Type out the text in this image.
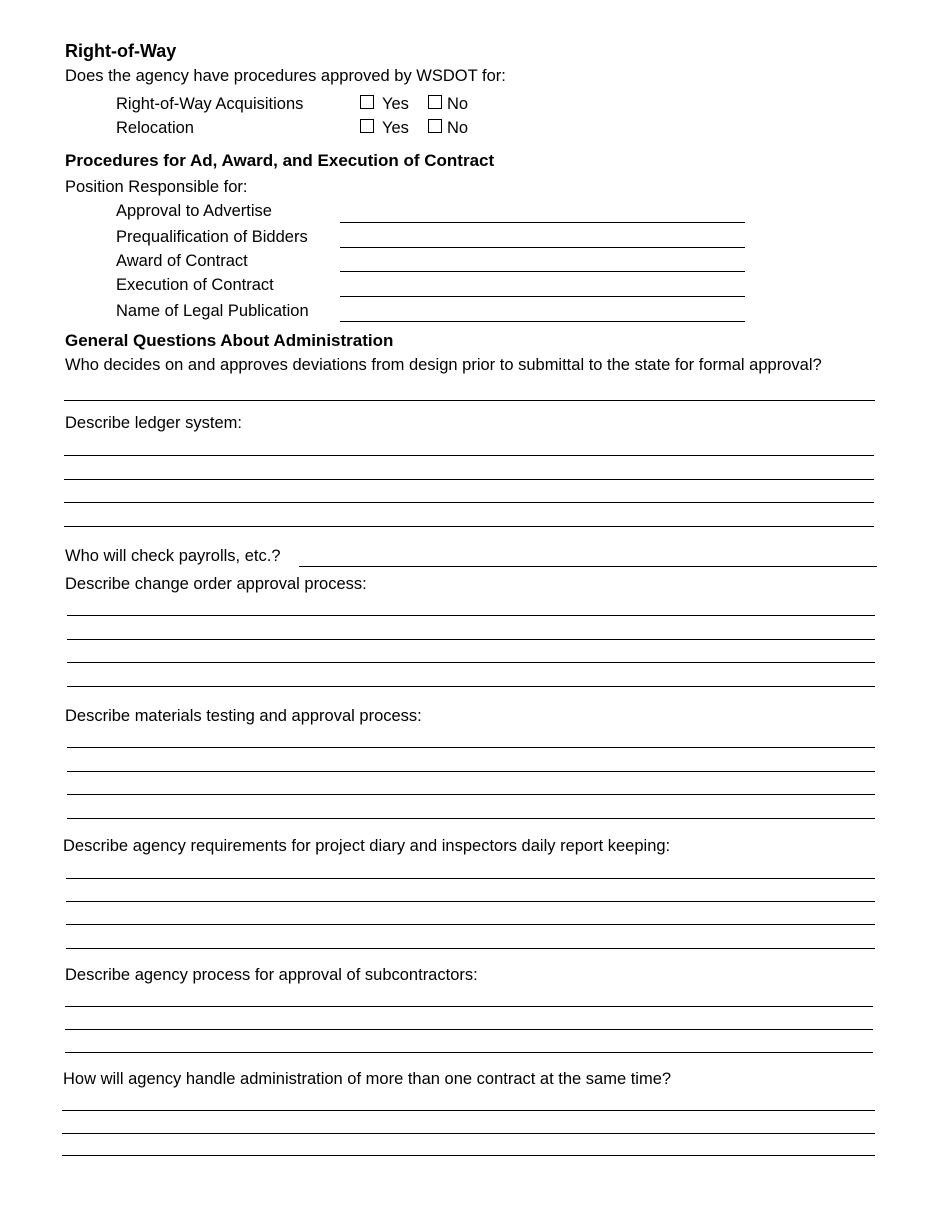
Right-of-Way
Does the agency have procedures approved by WSDOT for:
Right-of-Way Acquisitions	Yes No
Relocation	Yes No
Procedures for Ad, Award, and Execution of Contract
Position Responsible for:
Approval to Advertise
Prequalification of Bidders
Award of Contract
Execution of Contract
Name of Legal Publication
General Questions About Administration
Who decides on and approves deviations from design prior to submittal to the state for formal approval?
Describe ledger system:
Who will check payrolls, etc.?
Describe change order approval process:
Describe materials testing and approval process:
Describe agency requirements for project diary and inspectors daily report keeping:
Describe agency process for approval of subcontractors:
How will agency handle administration of more than one contract at the same time?
